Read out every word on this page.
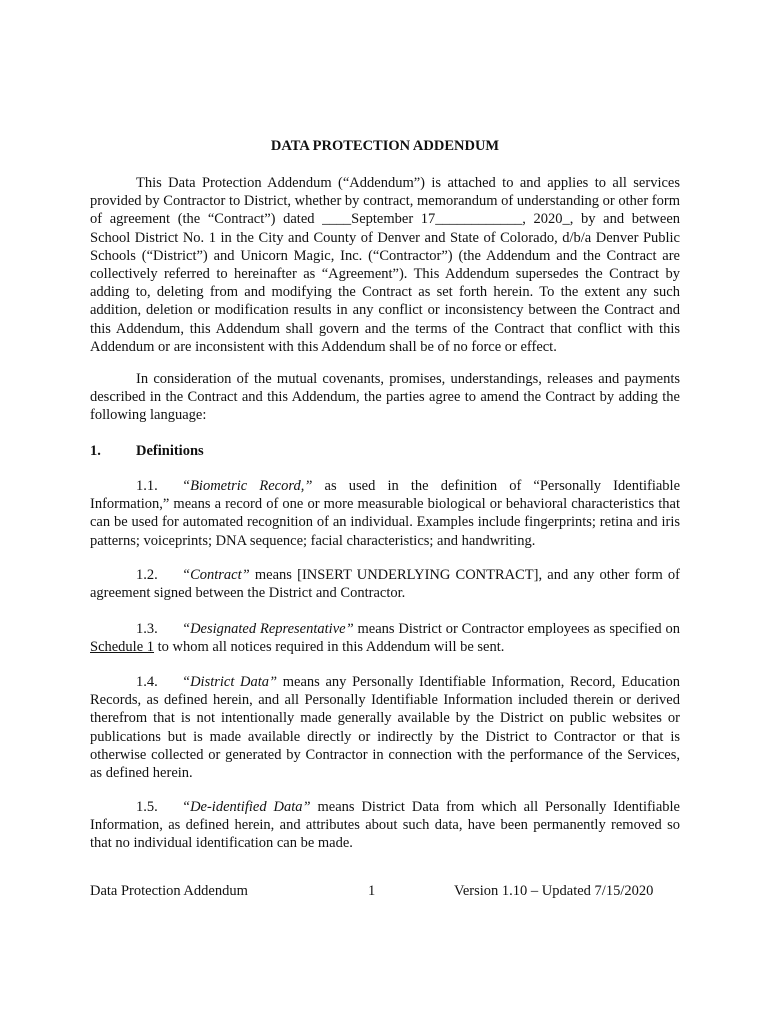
DATA PROTECTION ADDENDUM

This Data Protection Addendum (“Addendum”) is attached to and applies to all services provided by Contractor to District, whether by contract, memorandum of understanding or other form of agreement (the “Contract”) dated ____September 17____________, 2020_, by and between School District No. 1 in the City and County of Denver and State of Colorado, d/b/a Denver Public Schools (“District”) and Unicorn Magic, Inc. (“Contractor”) (the Addendum and the Contract are collectively referred to hereinafter as “Agreement”). This Addendum supersedes the Contract by adding to, deleting from and modifying the Contract as set forth herein. To the extent any such addition, deletion or modification results in any conflict or inconsistency between the Contract and this Addendum, this Addendum shall govern and the terms of the Contract that conflict with this Addendum or are inconsistent with this Addendum shall be of no force or effect.

In consideration of the mutual covenants, promises, understandings, releases and payments described in the Contract and this Addendum, the parties agree to amend the Contract by adding the following language:

1. Definitions

1.1. “Biometric Record,” as used in the definition of “Personally Identifiable Information,” means a record of one or more measurable biological or behavioral characteristics that can be used for automated recognition of an individual. Examples include fingerprints; retina and iris patterns; voiceprints; DNA sequence; facial characteristics; and handwriting.

1.2. “Contract” means [INSERT UNDERLYING CONTRACT], and any other form of agreement signed between the District and Contractor.

1.3. “Designated Representative” means District or Contractor employees as specified on Schedule 1 to whom all notices required in this Addendum will be sent.

1.4. “District Data” means any Personally Identifiable Information, Record, Education Records, as defined herein, and all Personally Identifiable Information included therein or derived therefrom that is not intentionally made generally available by the District on public websites or publications but is made available directly or indirectly by the District to Contractor or that is otherwise collected or generated by Contractor in connection with the performance of the Services, as defined herein.

1.5. “De-identified Data” means District Data from which all Personally Identifiable Information, as defined herein, and attributes about such data, have been permanently removed so that no individual identification can be made.

Data Protection Addendum	1	Version 1.10 – Updated 7/15/2020
